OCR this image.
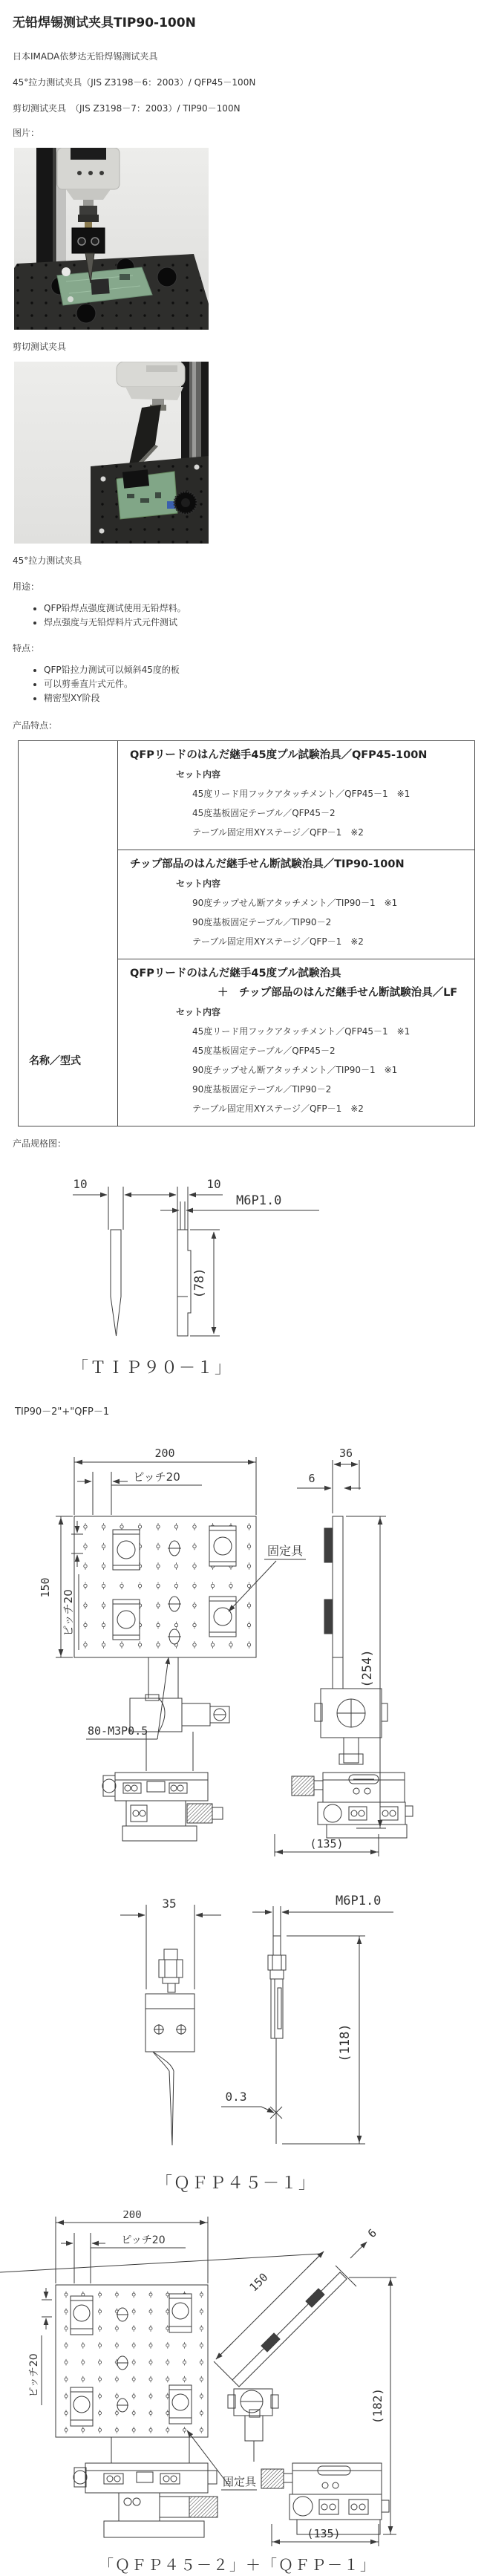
无铅焊锡测试夹具TIP90-100N

日本IMADA依梦达无铅焊锡测试夹具

45°拉力测试夹具（JIS Z3198－6：2003）/ QFP45－100N

剪切测试夹具　（JIS Z3198－7：2003）/ TIP90－100N

图片：

剪切测试夹具

45°拉力测试夹具

用途：

• QFP铅焊点强度测试使用无铅焊料。
• 焊点强度与无铅焊料片式元件测试

特点：

• QFP铅拉力测试可以倾斜45度的板
• 可以剪垂直片式元件。
• 精密型XY阶段

产品特点：

名称／型式
QFPリードのはんだ継手45度プル試験治具／QFP45-100N
セット内容
45度リード用フックアタッチメント／QFP45－1　※1
45度基板固定テーブル／QFP45－2
テーブル固定用XYステージ／QFP－1　※2
チップ部品のはんだ継手せん断試験治具／TIP90-100N
セット内容
90度チップせん断アタッチメント／TIP90－1　※1
90度基板固定テーブル／TIP90－2
テーブル固定用XYステージ／QFP－1　※2
QFPリードのはんだ継手45度プル試験治具
＋　チップ部品のはんだ継手せん断試験治具／LF
セット内容
45度リード用フックアタッチメント／QFP45－1　※1
45度基板固定テーブル／QFP45－2
90度チップせん断アタッチメント／TIP90－1　※1
90度基板固定テーブル／TIP90－2
テーブル固定用XYステージ／QFP－1　※2

产品规格图：

10	10
M6P1.0
(78)
「ＴＩＰ９０－１」

TIP90－2"+"QFP－1

200
ピッチ20
150
ピッチ20
固定具
80-M3P0.5
6
36
(254)
(135)
35	M6P1.0
(118)
0.3
「ＱＦＰ４５－１」
200
ピッチ20
ピッチ20
固定具
150
6
(182)
(135)
「ＱＦＰ４５－２」＋「ＱＦＰ－１」
